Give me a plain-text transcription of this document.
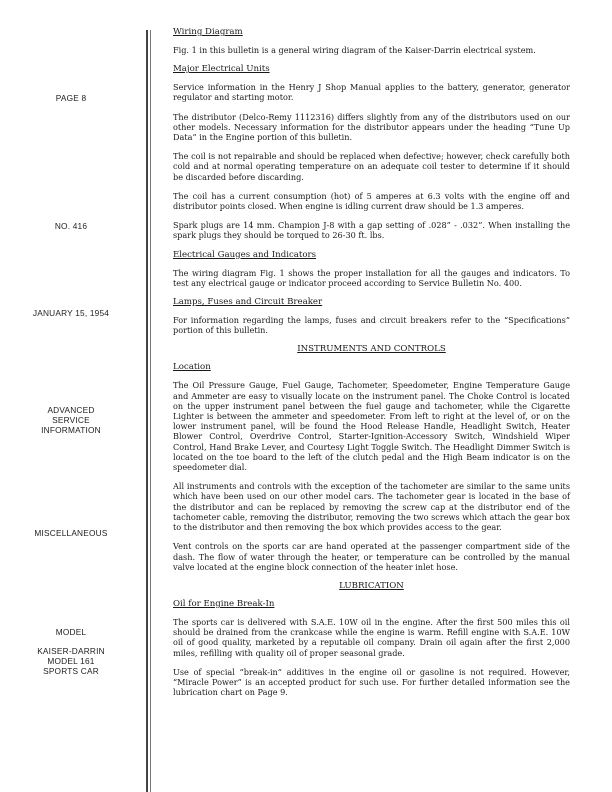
PAGE 8
NO. 416
JANUARY 15, 1954
ADVANCED
SERVICE
INFORMATION
MISCELLANEOUS
MODEL
KAISER-DARRIN
MODEL 161
SPORTS CAR
Wiring Diagram
Fig. 1 in this bulletin is a general wiring diagram of the Kaiser-Darrin electrical system.
Major Electrical Units
Service information in the Henry J Shop Manual applies to the battery, generator, generator regulator and starting motor.
The distributor (Delco-Remy 1112316) differs slightly from any of the distributors used on our other models. Necessary information for the distributor appears under the heading “Tune Up Data” in the Engine portion of this bulletin.
The coil is not repairable and should be replaced when defective; however, check carefully both cold and at normal operating temperature on an adequate coil tester to determine if it should be discarded before discarding.
The coil has a current consumption (hot) of 5 amperes at 6.3 volts with the engine off and distributor points closed. When engine is idling current draw should be 1.3 amperes.
Spark plugs are 14 mm. Champion J-8 with a gap setting of .028” - .032”. When installing the spark plugs they should be torqued to 26-30 ft. lbs.
Electrical Gauges and Indicators
The wiring diagram Fig. 1 shows the proper installation for all the gauges and indicators. To test any electrical gauge or indicator proceed according to Service Bulletin No. 400.
Lamps, Fuses and Circuit Breaker
For information regarding the lamps, fuses and circuit breakers refer to the “Specifications” portion of this bulletin.
INSTRUMENTS AND CONTROLS
Location
The Oil Pressure Gauge, Fuel Gauge, Tachometer, Speedometer, Engine Temperature Gauge and Ammeter are easy to visually locate on the instrument panel. The Choke Control is located on the upper instrument panel between the fuel gauge and tachometer, while the Cigarette Lighter is between the ammeter and speedometer. From left to right at the level of, or on the lower instrument panel, will be found the Hood Release Handle, Headlight Switch, Heater Blower Control, Overdrive Control, Starter-Ignition-Accessory Switch, Windshield Wiper Control, Hand Brake Lever, and Courtesy Light Toggle Switch. The Headlight Dimmer Switch is located on the toe board to the left of the clutch pedal and the High Beam indicator is on the speedometer dial.
All instruments and controls with the exception of the tachometer are similar to the same units which have been used on our other model cars. The tachometer gear is located in the base of the distributor and can be replaced by removing the screw cap at the distributor end of the tachometer cable, removing the distributor, removing the two screws which attach the gear box to the distributor and then removing the box which provides access to the gear.
Vent controls on the sports car are hand operated at the passenger compartment side of the dash. The flow of water through the heater, or temperature can be controlled by the manual valve located at the engine block connection of the heater inlet hose.
LUBRICATION
Oil for Engine Break-In
The sports car is delivered with S.A.E. 10W oil in the engine. After the first 500 miles this oil should be drained from the crankcase while the engine is warm. Refill engine with S.A.E. 10W oil of good quality, marketed by a reputable oil company. Drain oil again after the first 2,000 miles, refilling with quality oil of proper seasonal grade.
Use of special “break-in” additives in the engine oil or gasoline is not required. However, “Miracle Power” is an accepted product for such use. For further detailed information see the lubrication chart on Page 9.
